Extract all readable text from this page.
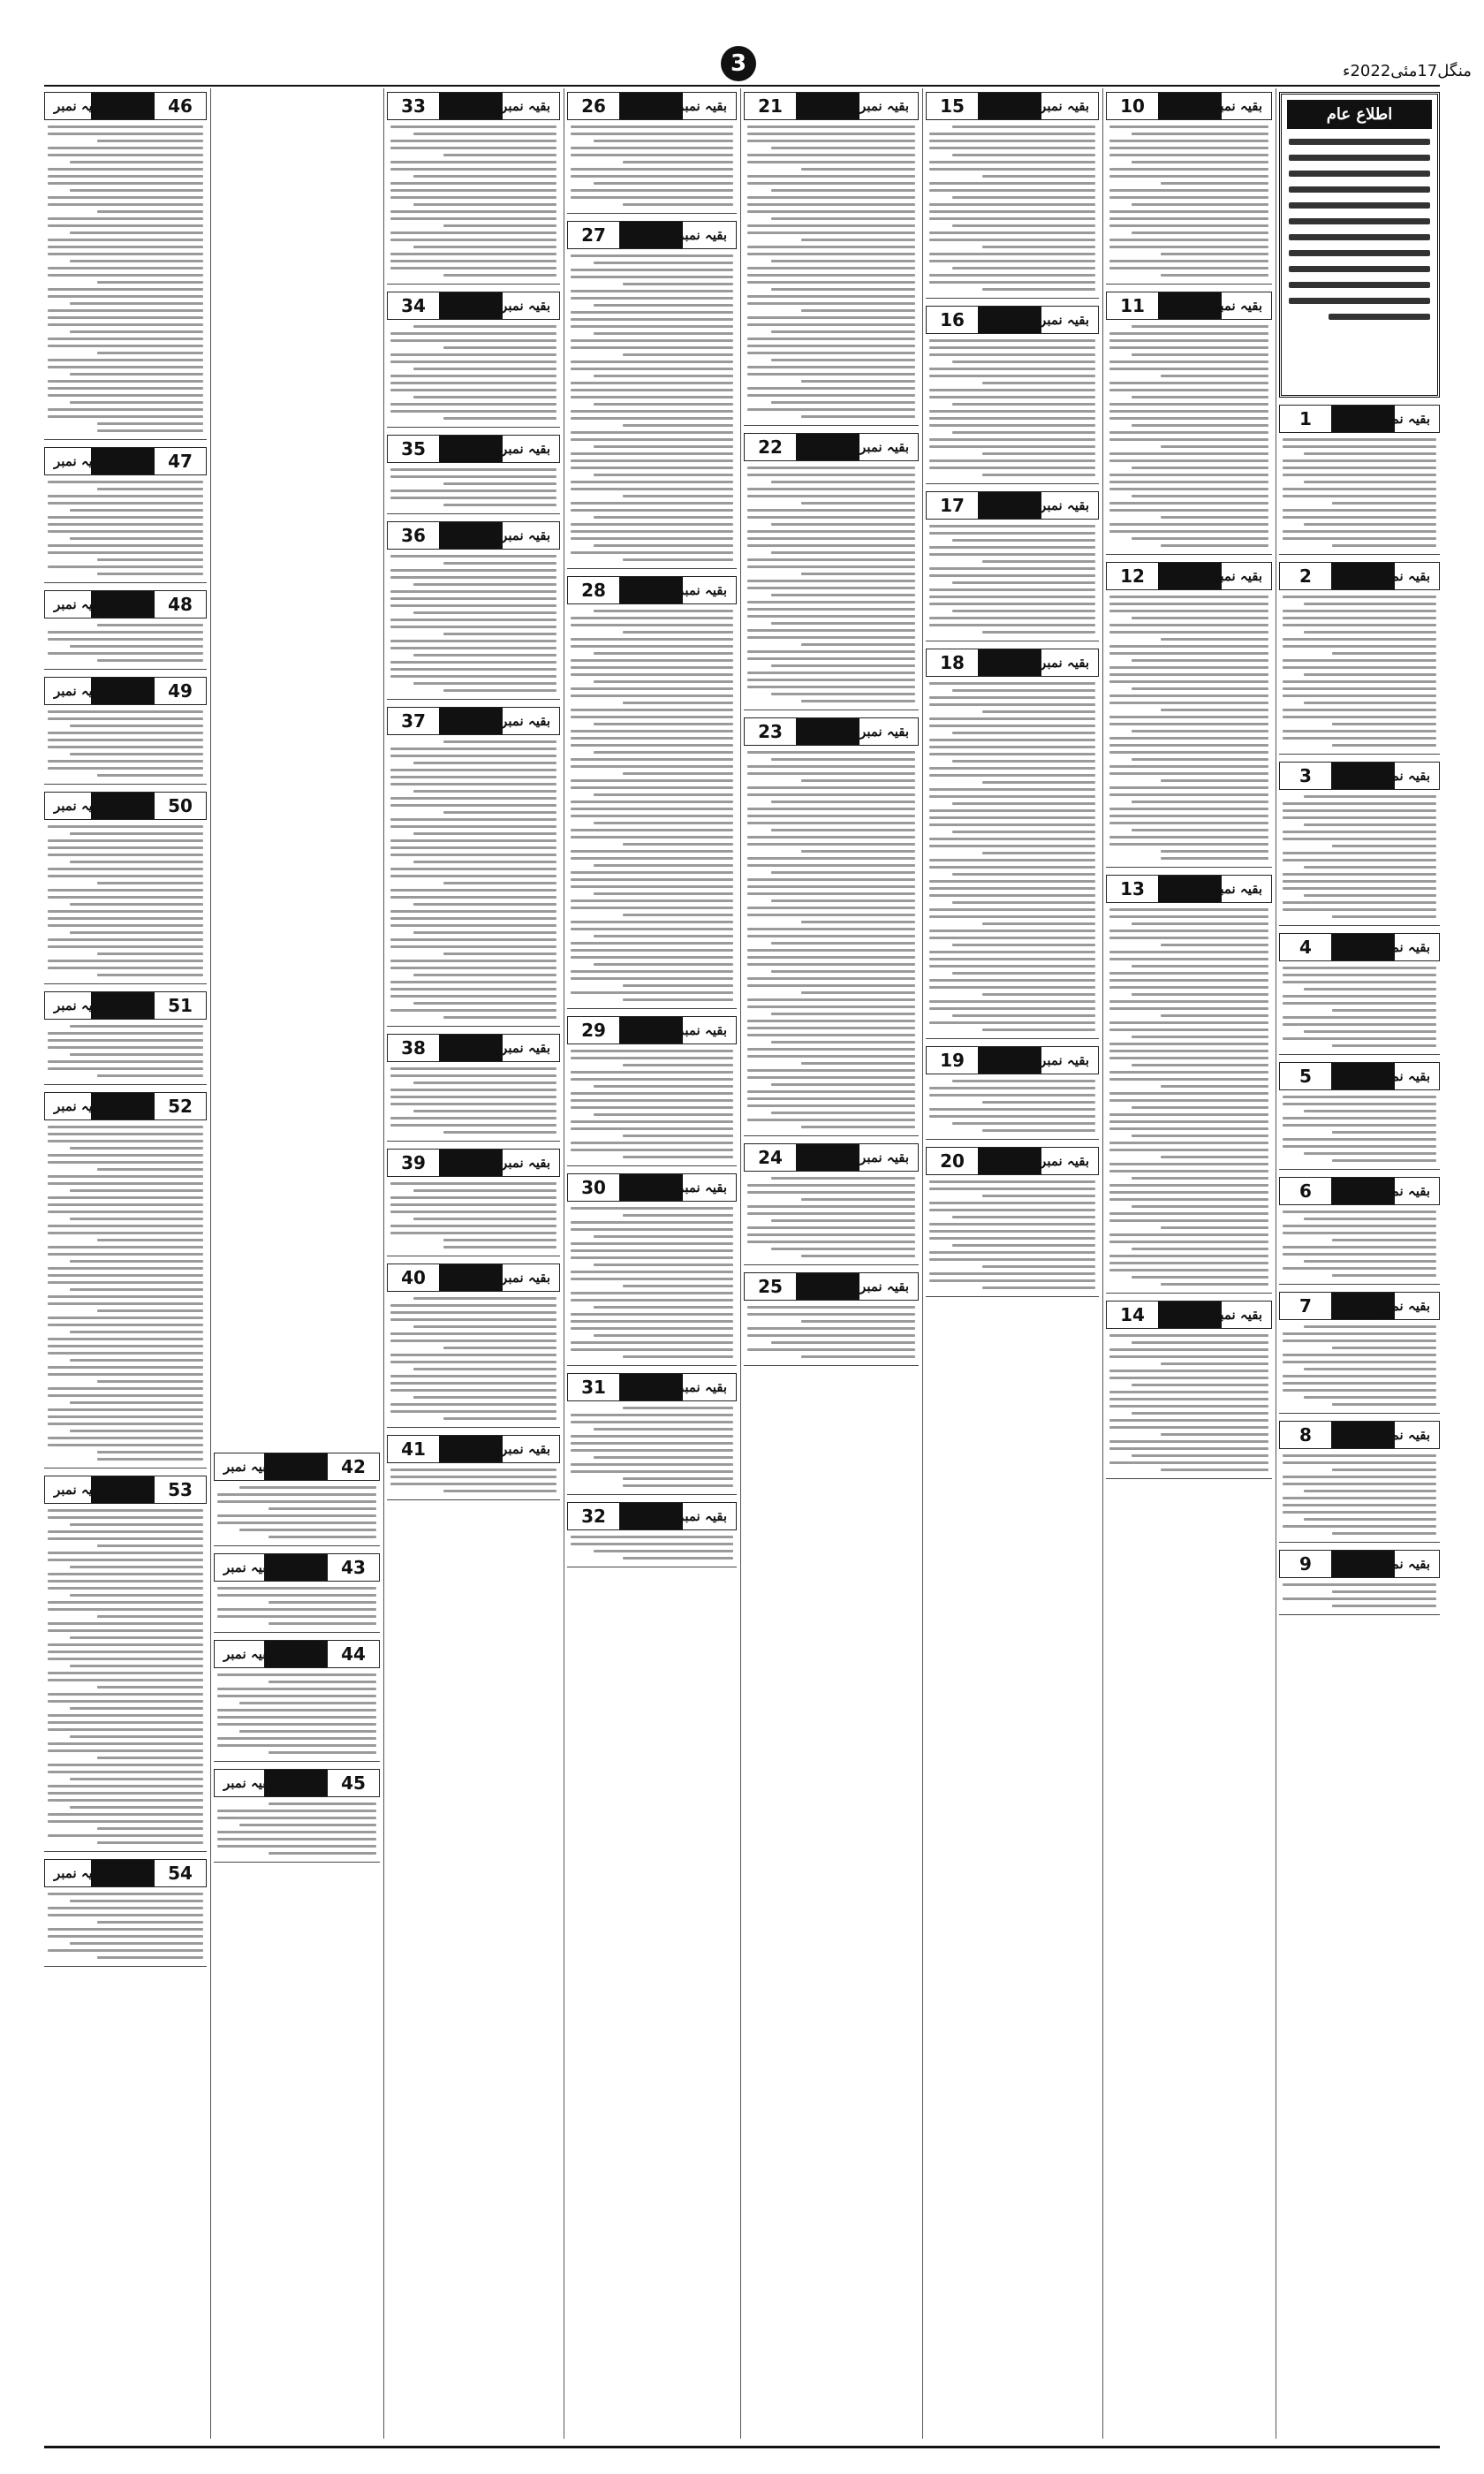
منگل17مئی2022ء
3
اطلاع عام
1	بقیہ نمبر
2	بقیہ نمبر
3	بقیہ نمبر
4	بقیہ نمبر
5	بقیہ نمبر
6	بقیہ نمبر
7	بقیہ نمبر
8	بقیہ نمبر
9	بقیہ نمبر
10	بقیہ نمبر
11	بقیہ نمبر
12	بقیہ نمبر
13	بقیہ نمبر
14	بقیہ نمبر
15	بقیہ نمبر
16	بقیہ نمبر
17	بقیہ نمبر
18	بقیہ نمبر
19	بقیہ نمبر
20	بقیہ نمبر
21	بقیہ نمبر
22	بقیہ نمبر
23	بقیہ نمبر
24	بقیہ نمبر
25	بقیہ نمبر
26	بقیہ نمبر
27	بقیہ نمبر
28	بقیہ نمبر
29	بقیہ نمبر
30	بقیہ نمبر
31	بقیہ نمبر
32	بقیہ نمبر
33	بقیہ نمبر
34	بقیہ نمبر
35	بقیہ نمبر
36	بقیہ نمبر
37	بقیہ نمبر
38	بقیہ نمبر
39	بقیہ نمبر
40	بقیہ نمبر
41	بقیہ نمبر
42
بقیہ نمبر
43
بقیہ نمبر
44
بقیہ نمبر
45
بقیہ نمبر
46
بقیہ نمبر
47
بقیہ نمبر
48
بقیہ نمبر
49
بقیہ نمبر
50
بقیہ نمبر
51
بقیہ نمبر
52
بقیہ نمبر
53
بقیہ نمبر
54
بقیہ نمبر
